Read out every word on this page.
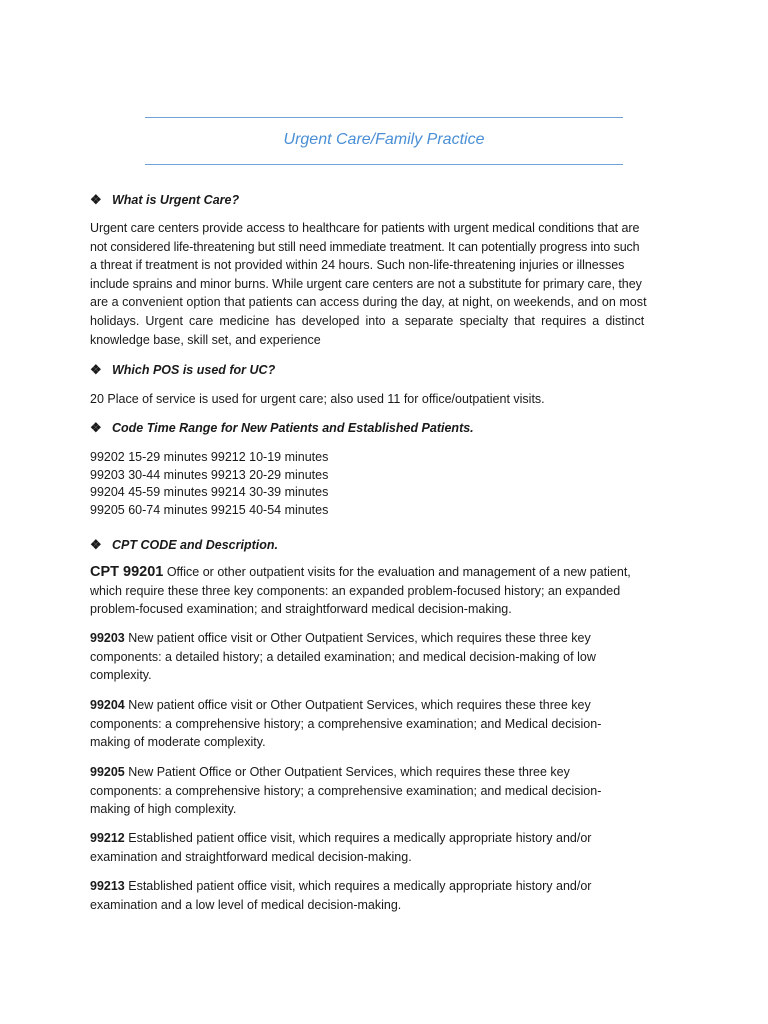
Urgent Care/Family Practice
❖ What is Urgent Care?
Urgent care centers provide access to healthcare for patients with urgent medical conditions that are
not considered life-threatening but still need immediate treatment. It can potentially progress into such
a threat if treatment is not provided within 24 hours. Such non-life-threatening injuries or illnesses
include sprains and minor burns. While urgent care centers are not a substitute for primary care, they
are a convenient option that patients can access during the day, at night, on weekends, and on most
holidays. Urgent care medicine has developed into a separate specialty that requires a distinct
knowledge base, skill set, and experience
❖ Which POS is used for UC?
20 Place of service is used for urgent care; also used 11 for office/outpatient visits.
❖ Code Time Range for New Patients and Established Patients.
99202 15-29 minutes 99212 10-19 minutes
99203 30-44 minutes 99213 20-29 minutes
99204 45-59 minutes 99214 30-39 minutes
99205 60-74 minutes 99215 40-54 minutes
❖ CPT CODE and Description.
CPT 99201 Office or other outpatient visits for the evaluation and management of a new patient,
which require these three key components: an expanded problem-focused history; an expanded
problem-focused examination; and straightforward medical decision-making.
99203 New patient office visit or Other Outpatient Services, which requires these three key
components: a detailed history; a detailed examination; and medical decision-making of low
complexity.
99204 New patient office visit or Other Outpatient Services, which requires these three key
components: a comprehensive history; a comprehensive examination; and Medical decision-
making of moderate complexity.
99205 New Patient Office or Other Outpatient Services, which requires these three key
components: a comprehensive history; a comprehensive examination; and medical decision-
making of high complexity.
99212 Established patient office visit, which requires a medically appropriate history and/or
examination and straightforward medical decision-making.
99213 Established patient office visit, which requires a medically appropriate history and/or
examination and a low level of medical decision-making.
